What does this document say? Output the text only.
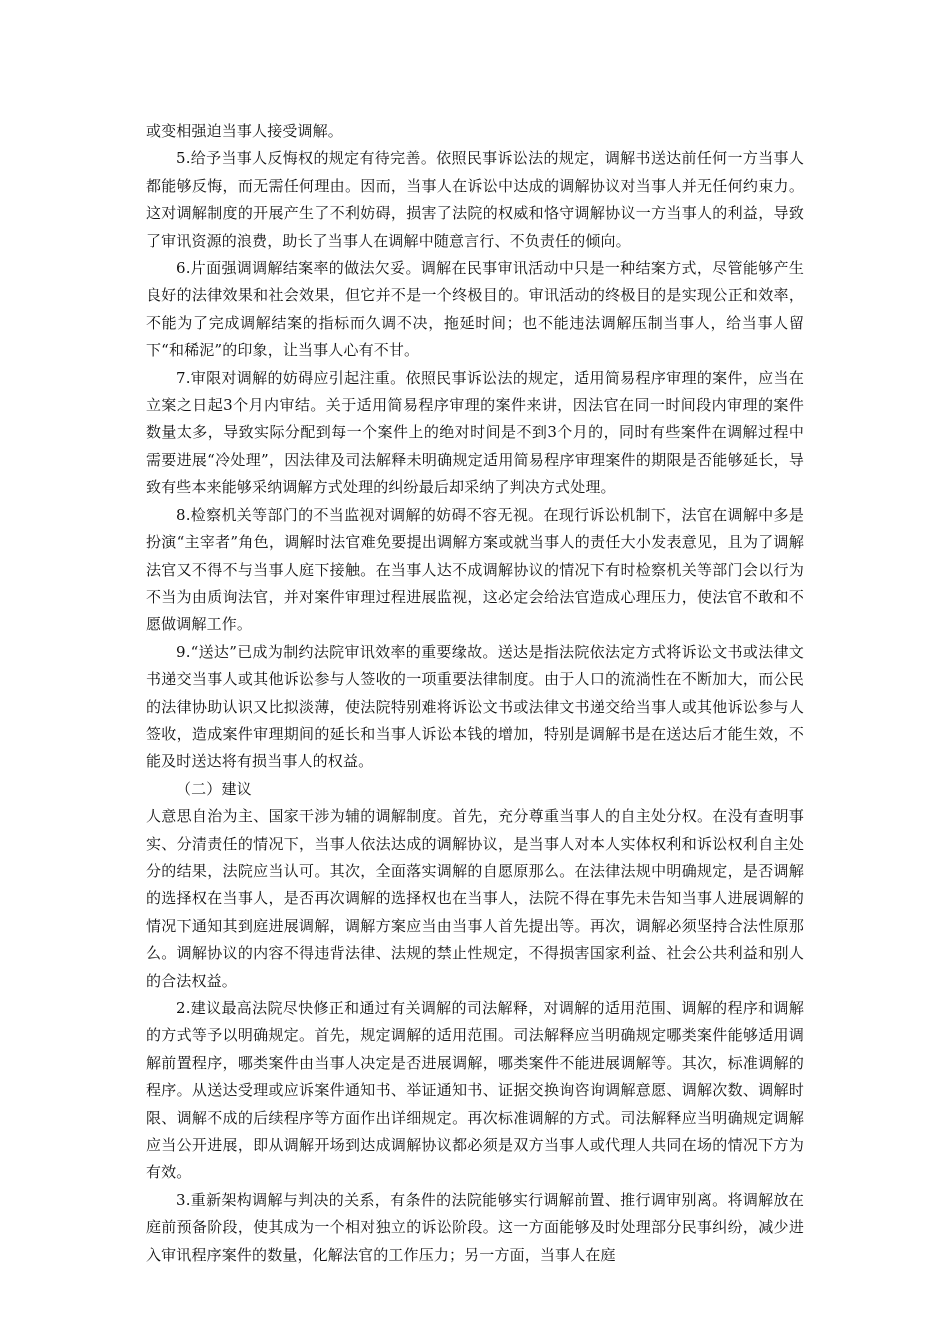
或变相强迫当事人接受调解。

5.给予当事人反悔权的规定有待完善。依照民事诉讼法的规定，调解书送达前任何一方当事人都能够反悔，而无需任何理由。因而，当事人在诉讼中达成的调解协议对当事人并无任何约束力。这对调解制度的开展产生了不利妨碍，损害了法院的权威和恪守调解协议一方当事人的利益，导致了审讯资源的浪费，助长了当事人在调解中随意言行、不负责任的倾向。

6.片面强调调解结案率的做法欠妥。调解在民事审讯活动中只是一种结案方式，尽管能够产生良好的法律效果和社会效果，但它并不是一个终极目的。审讯活动的终极目的是实现公正和效率，不能为了完成调解结案的指标而久调不决，拖延时间；也不能违法调解压制当事人，给当事人留下“和稀泥”的印象，让当事人心有不甘。

7.审限对调解的妨碍应引起注重。依照民事诉讼法的规定，适用简易程序审理的案件，应当在立案之日起3个月内审结。关于适用简易程序审理的案件来讲，因法官在同一时间段内审理的案件数量太多，导致实际分配到每一个案件上的绝对时间是不到3个月的，同时有些案件在调解过程中需要进展“冷处理”，因法律及司法解释未明确规定适用简易程序审理案件的期限是否能够延长，导致有些本来能够采纳调解方式处理的纠纷最后却采纳了判决方式处理。

8.检察机关等部门的不当监视对调解的妨碍不容无视。在现行诉讼机制下，法官在调解中多是扮演“主宰者”角色，调解时法官难免要提出调解方案或就当事人的责任大小发表意见，且为了调解法官又不得不与当事人庭下接触。在当事人达不成调解协议的情况下有时检察机关等部门会以行为不当为由质询法官，并对案件审理过程进展监视，这必定会给法官造成心理压力，使法官不敢和不愿做调解工作。

9.“送达”已成为制约法院审讯效率的重要缘故。送达是指法院依法定方式将诉讼文书或法律文书递交当事人或其他诉讼参与人签收的一项重要法律制度。由于人口的流淌性在不断加大，而公民的法律协助认识又比拟淡薄，使法院特别难将诉讼文书或法律文书递交给当事人或其他诉讼参与人签收，造成案件审理期间的延长和当事人诉讼本钱的增加，特别是调解书是在送达后才能生效，不能及时送达将有损当事人的权益。

（二）建议

人意思自治为主、国家干涉为辅的调解制度。首先，充分尊重当事人的自主处分权。在没有查明事实、分清责任的情况下，当事人依法达成的调解协议，是当事人对本人实体权利和诉讼权利自主处分的结果，法院应当认可。其次，全面落实调解的自愿原那么。在法律法规中明确规定，是否调解的选择权在当事人，是否再次调解的选择权也在当事人，法院不得在事先未告知当事人进展调解的情况下通知其到庭进展调解，调解方案应当由当事人首先提出等。再次，调解必须坚持合法性原那么。调解协议的内容不得违背法律、法规的禁止性规定，不得损害国家利益、社会公共利益和别人的合法权益。

2.建议最高法院尽快修正和通过有关调解的司法解释，对调解的适用范围、调解的程序和调解的方式等予以明确规定。首先，规定调解的适用范围。司法解释应当明确规定哪类案件能够适用调解前置程序，哪类案件由当事人决定是否进展调解，哪类案件不能进展调解等。其次，标准调解的程序。从送达受理或应诉案件通知书、举证通知书、证据交换询咨询调解意愿、调解次数、调解时限、调解不成的后续程序等方面作出详细规定。再次标准调解的方式。司法解释应当明确规定调解应当公开进展，即从调解开场到达成调解协议都必须是双方当事人或代理人共同在场的情况下方为有效。

3.重新架构调解与判决的关系，有条件的法院能够实行调解前置、推行调审别离。将调解放在庭前预备阶段，使其成为一个相对独立的诉讼阶段。这一方面能够及时处理部分民事纠纷，减少进入审讯程序案件的数量，化解法官的工作压力；另一方面，当事人在庭
